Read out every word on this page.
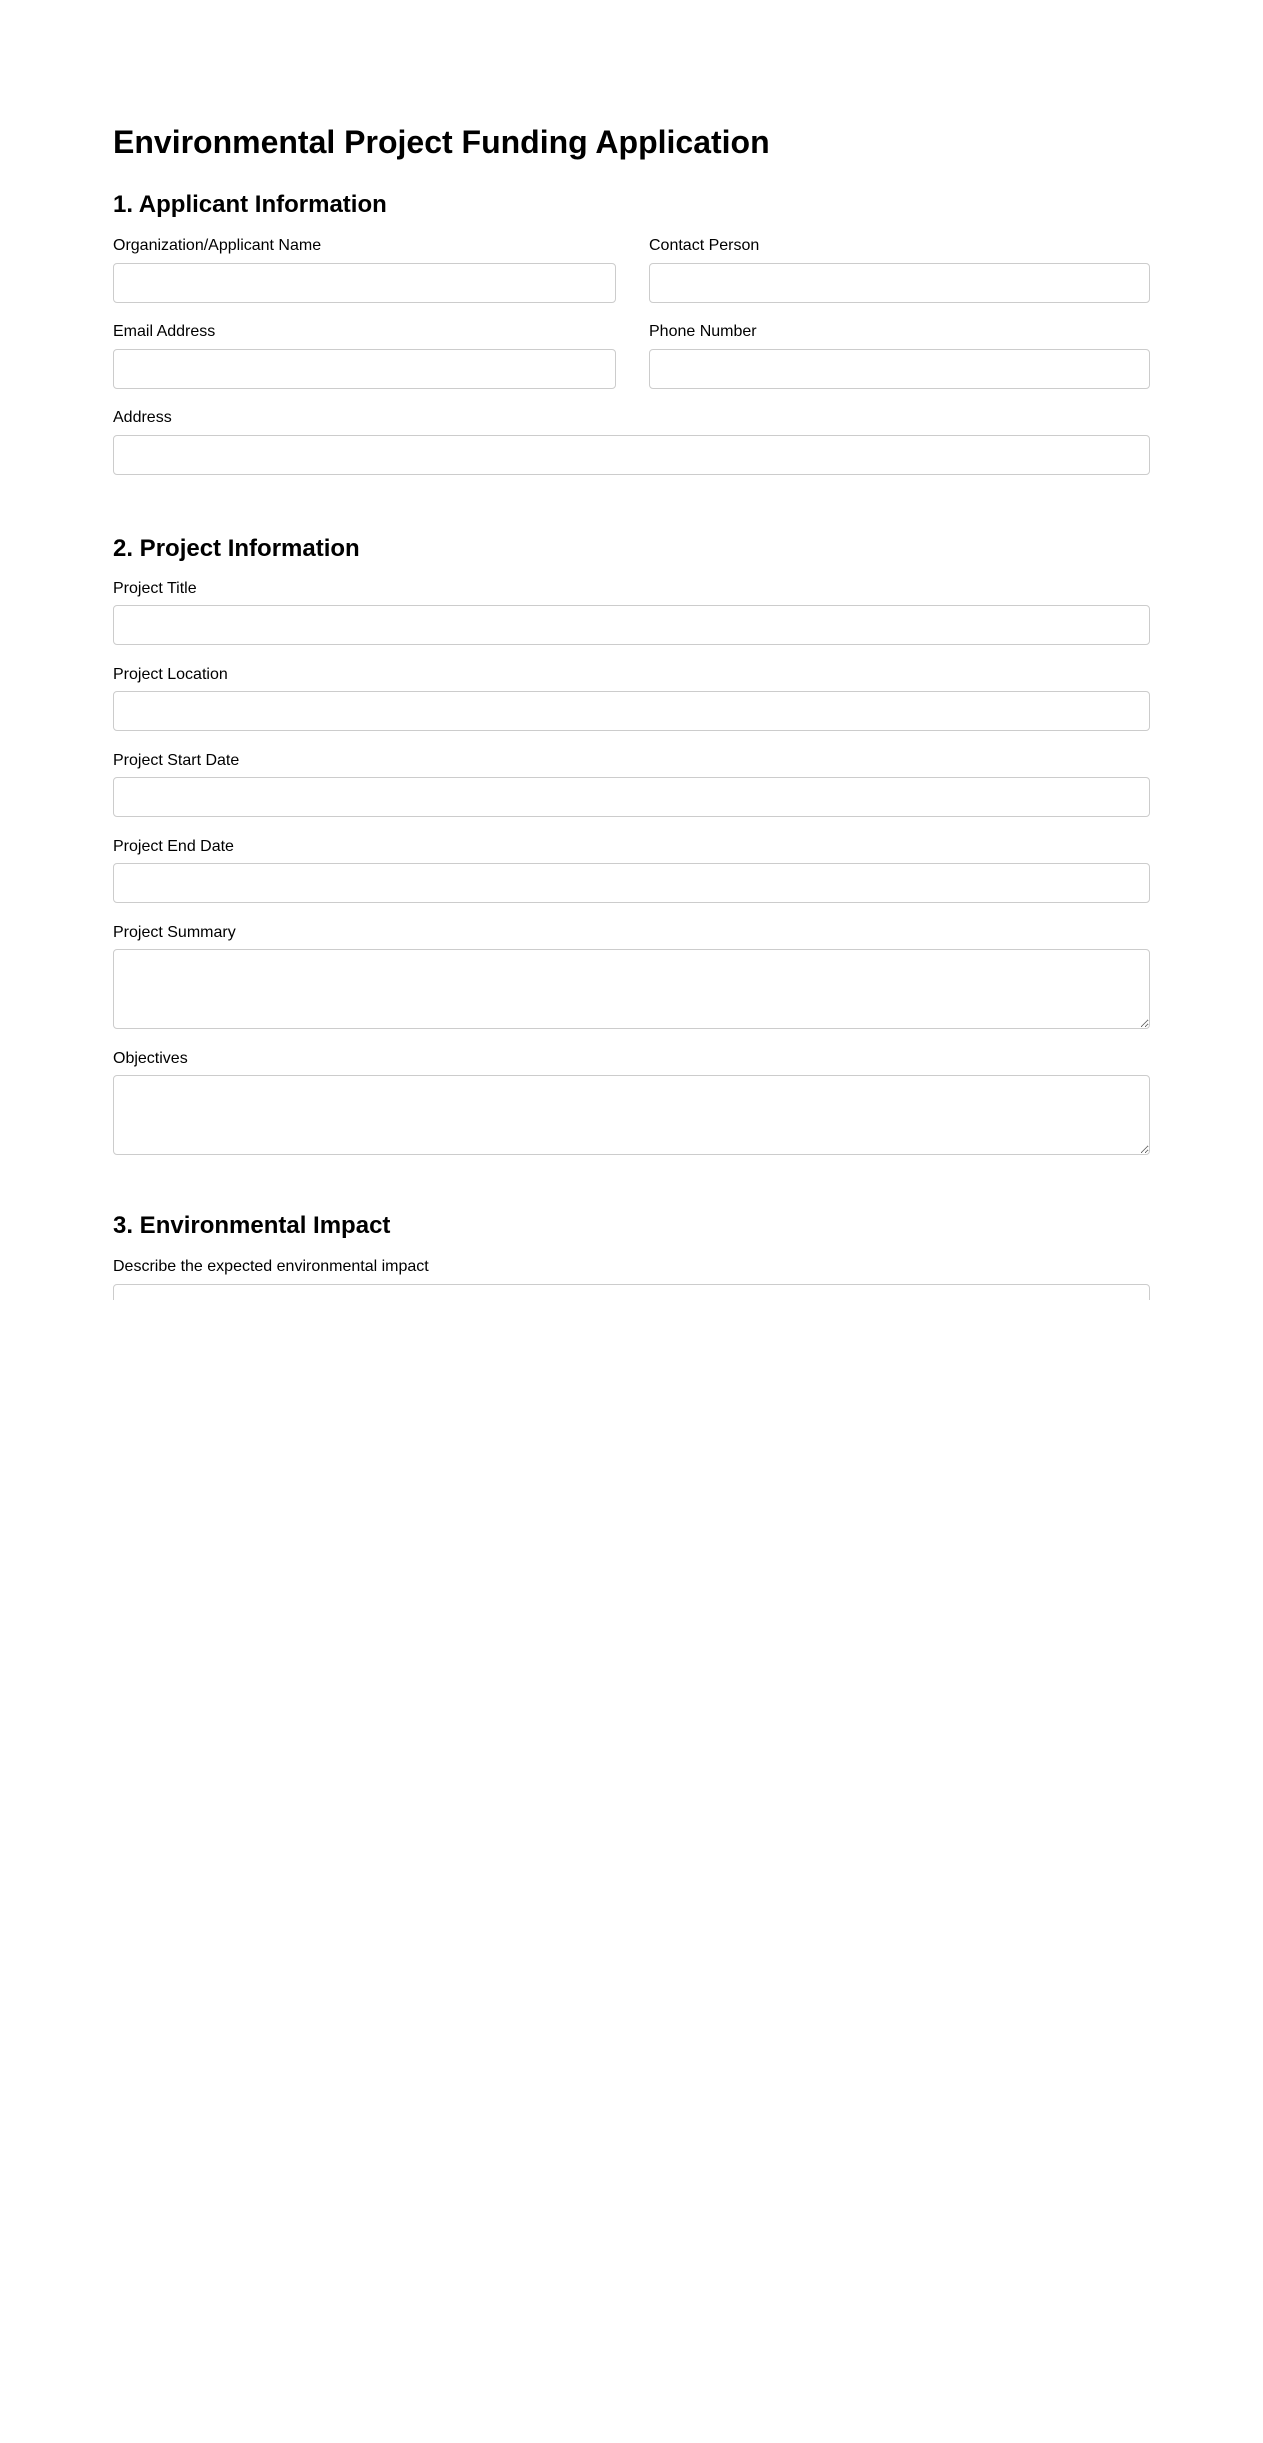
Environmental Project Funding Application
1. Applicant Information
Organization/Applicant Name	Contact Person
Email Address	Phone Number
Address
2. Project Information
Project Title
Project Location
Project Start Date
Project End Date
Project Summary
Objectives
3. Environmental Impact
Describe the expected environmental impact
